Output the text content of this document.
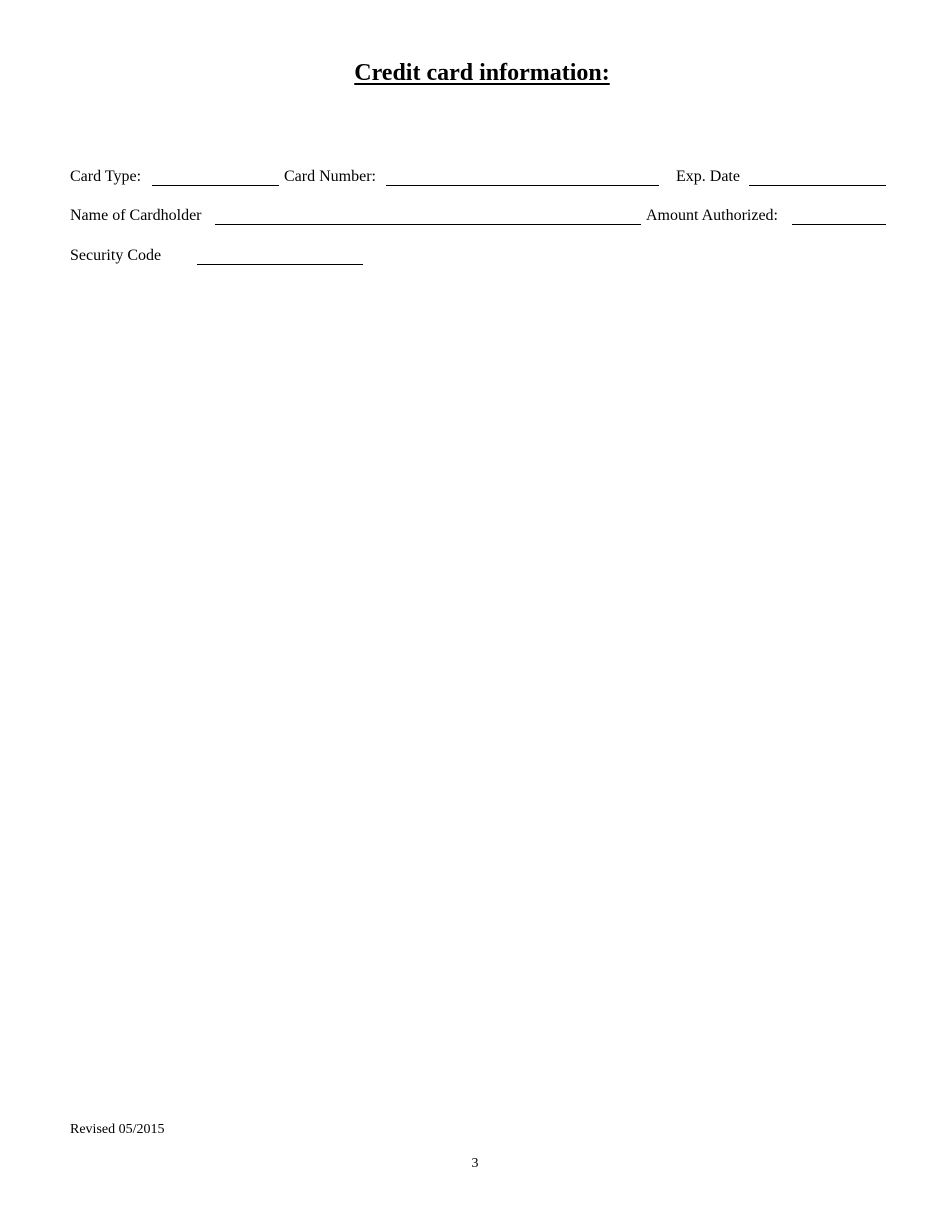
Credit card information:
Card Type:	Card Number:	Exp. Date
Name of Cardholder	Amount Authorized:
Security Code
Revised 05/2015
3
